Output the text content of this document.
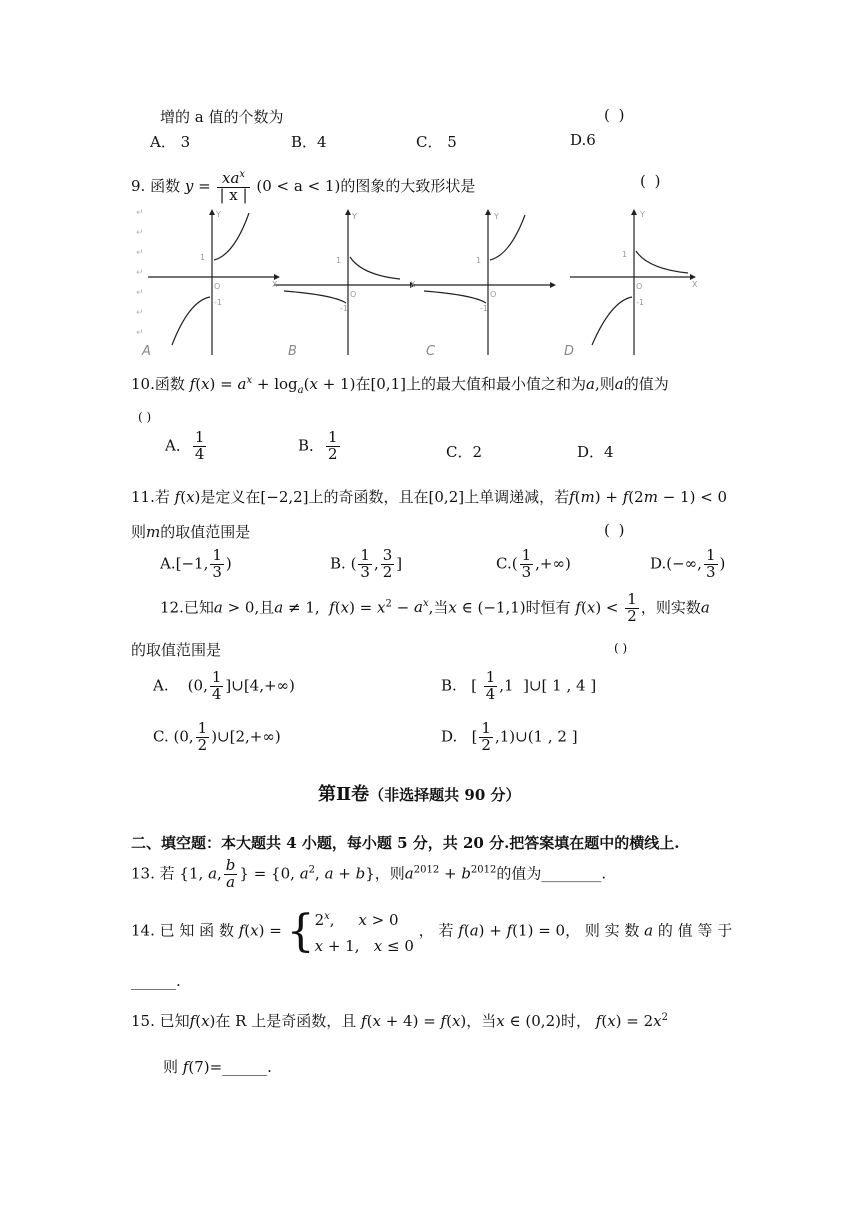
增的 a 值的个数为	( )
A． 3	B．4	C． 5	D.6
9. 函数 $y = \frac{xa^x}{| x |} (0 < a < 1)$的图象的大致形状是	( )
↵
↵
↵
↵
↵
↵
↵
Y
1
O
-1
A
Y
1
O
-1
X
B
Y
1
O
-1
X
C
Y
1
O
-1
X
D
10.函数 $f(x) = a^x + \log_a(x + 1)$在[0,1]上的最大值和最小值之和为a,则a的值为
( )
A． $\frac{1}{4}$	B． $\frac{1}{2}$	C．2	D．4
11.若 f(x)是定义在[−2,2]上的奇函数，且在[0,2]上单调递减，若f(m) + f(2m − 1) < 0
则m的取值范围是	( )
A.[−1, $\frac{1}{3}$ )	B. ( $\frac{1}{3}$ , $\frac{3}{2}$ ]	$C.( \frac{1}{3}$ ,+∞)	D.(−∞, $\frac{1}{3}$ )
12.已知a > 0,且a ≠ 1,  $f(x) = x^2 - a^x$,当x ∈ (−1,1)时恒有 $f(x) < \frac{1}{2}$ ，则实数a
的取值范围是	( )
A.    (0, $\frac{1}{4}$ ]∪[4,+∞)	B.   [ $\frac{1}{4} ,1$  ]∪[ 1 , 4 ]
C. (0, $\frac{1}{2}$ )∪[2,+∞)	D.   [ $\frac{1}{2}$ ,1)∪(1 , 2 ]
第Ⅱ卷（非选择题共 90 分）
二、填空题：本大题共 4 小题，每小题 5 分，共 20 分.把答案填在题中的横线上.
13. 若 {1, a, $\frac{b}{a}$ } = {0, $a^2$, a + b}，则$a^{2012} + b^{2012}$的值为________.
14. 已 知 函 数 $f(x) = \{2^x$,     x > 0
x + 1,   x ≤ 0 ， 若 f(a) + f(1) = 0， 则 实 数 a 的 值 等 于
______.
15. 已知f(x)在 R 上是奇函数，且 f(x + 4) = f(x)，当x ∈ (0,2)时， $f(x) = 2x^2$
则 f(7)=______.
